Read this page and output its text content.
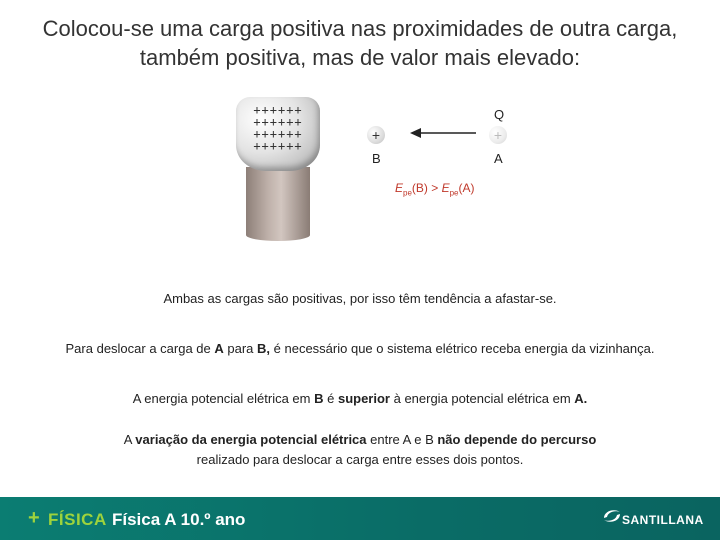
Colocou-se uma carga positiva nas proximidades de outra carga,
também positiva, mas de valor mais elevado:
++++++
++++++
++++++
++++++
Q
+	+
B	A
$E_{pe}(B) > E_{pe}(A)$
Ambas as cargas são positivas, por isso têm tendência a afastar-se.
Para deslocar a carga de A para B, é necessário que o sistema elétrico receba energia da vizinhança.
A energia potencial elétrica em B é superior à energia potencial elétrica em A.
A variação da energia potencial elétrica entre A e B não depende do percurso
realizado para deslocar a carga entre esses dois pontos.
+ FÍSICA Física A 10.º ano	SANTILLANA
